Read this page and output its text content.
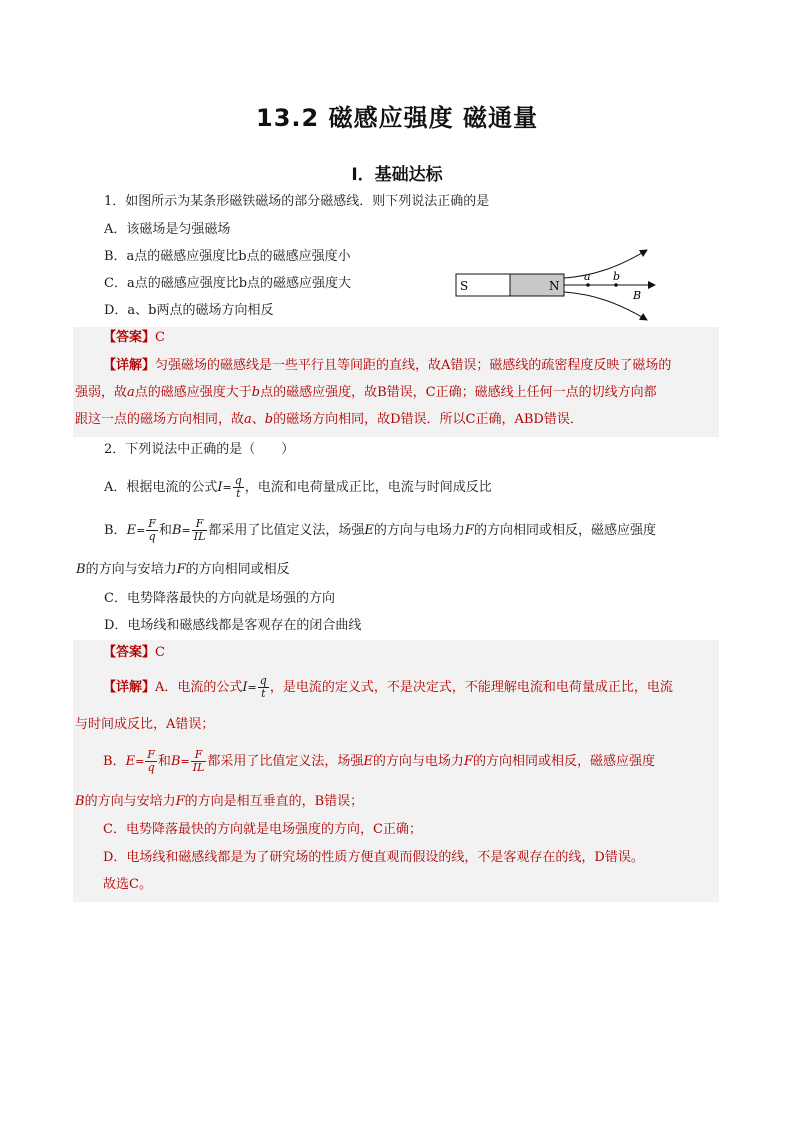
13.2 磁感应强度 磁通量
Ⅰ．基础达标
1．如图所示为某条形磁铁磁场的部分磁感线．则下列说法正确的是
A．该磁场是匀强磁场
B．a点的磁感应强度比b点的磁感应强度小
C．a点的磁感应强度比b点的磁感应强度大
D．a、b两点的磁场方向相反
S	N
a b
B
【答案】C
【详解】匀强磁场的磁感线是一些平行且等间距的直线，故A错误；磁感线的疏密程度反映了磁场的
强弱，故a点的磁感应强度大于b点的磁感应强度，故B错误，C正确；磁感线上任何一点的切线方向都
跟这一点的磁场方向相同，故a、b的磁场方向相同，故D错误．所以C正确，ABD错误．
2．下列说法中正确的是（　　）
A．根据电流的公式$I= \frac{q}{t}$ ，电流和电荷量成正比，电流与时间成反比
B．$E= \frac{F}{q}$ 和$B= \frac{F}{IL}$ 都采用了比值定义法，场强E的方向与电场力F的方向相同或相反，磁感应强度
B的方向与安培力F的方向相同或相反
C．电势降落最快的方向就是场强的方向
D．电场线和磁感线都是客观存在的闭合曲线
【答案】C
【详解】A．电流的公式$I= \frac{q}{t}$ ，是电流的定义式，不是决定式，不能理解电流和电荷量成正比，电流
与时间成反比，A错误；
B．$E= \frac{F}{q}$ 和$B= \frac{F}{IL}$ 都采用了比值定义法，场强E的方向与电场力F的方向相同或相反，磁感应强度
B的方向与安培力F的方向是相互垂直的，B错误；
C．电势降落最快的方向就是电场强度的方向，C正确；
D．电场线和磁感线都是为了研究场的性质方便直观而假设的线，不是客观存在的线，D错误。
故选C。
